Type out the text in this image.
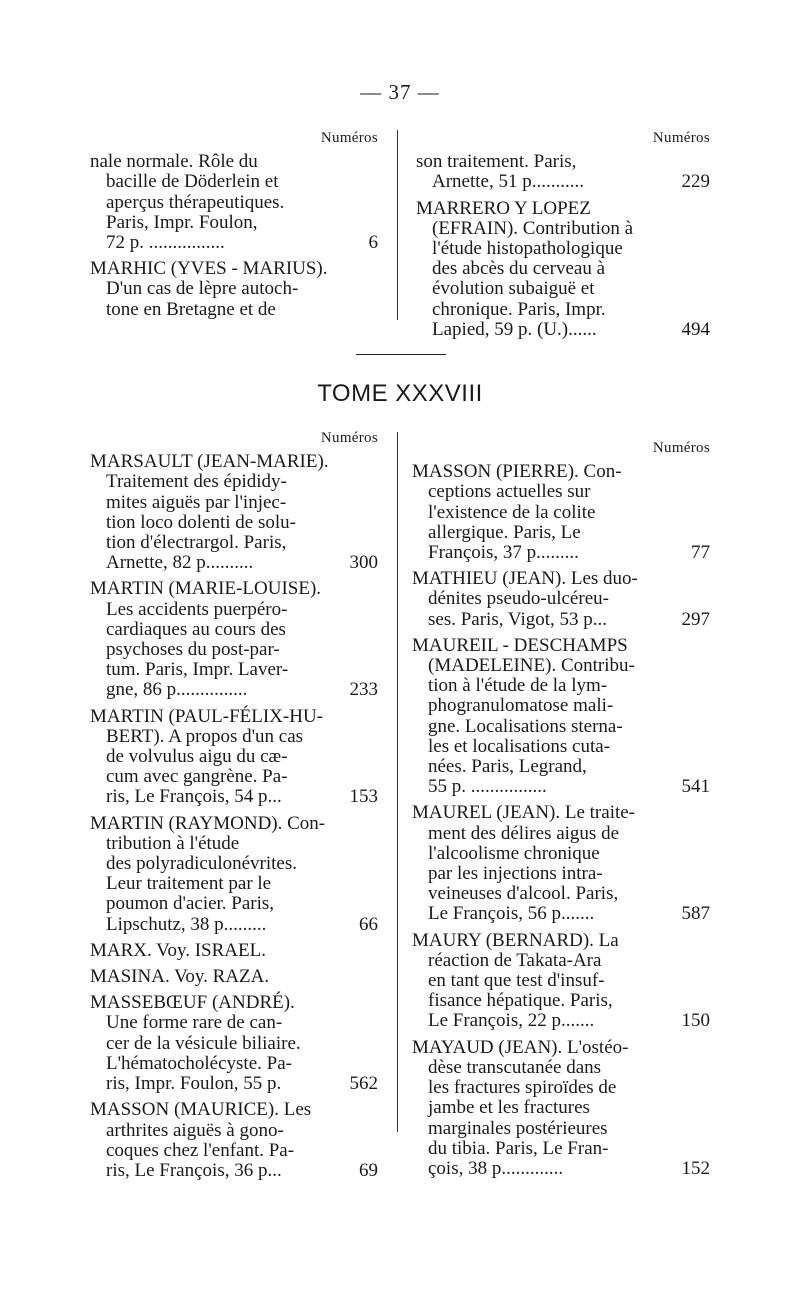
— 37 —
Numéros
nale normale. Rôle du
bacille de Döderlein et
aperçus thérapeutiques.
Paris, Impr. Foulon,
72 p. ................	6
MARHIC (YVES - MARIUS).
D'un cas de lèpre autoch-
tone en Bretagne et de
Numéros
son traitement. Paris,
Arnette, 51 p...........	229
MARRERO Y LOPEZ
(EFRAIN). Contribution à
l'étude histopathologique
des abcès du cerveau à
évolution subaiguë et
chronique. Paris, Impr.
Lapied, 59 p. (U.)......	494
TOME XXXVIII
Numéros
MARSAULT (JEAN-MARIE).
Traitement des épididy-
mites aiguës par l'injec-
tion loco dolenti de solu-
tion d'électrargol. Paris,
Arnette, 82 p..........	300
MARTIN (MARIE-LOUISE).
Les accidents puerpéro-
cardiaques au cours des
psychoses du post-par-
tum. Paris, Impr. Laver-
gne, 86 p...............	233
MARTIN (PAUL-FÉLIX-HU-
BERT). A propos d'un cas
de volvulus aigu du cæ-
cum avec gangrène. Pa-
ris, Le François, 54 p...	153
MARTIN (RAYMOND). Con-
tribution à l'étude
des polyradiculonévrites.
Leur traitement par le
poumon d'acier. Paris,
Lipschutz, 38 p.........	66
MARX. Voy. ISRAEL.
MASINA. Voy. RAZA.
MASSEBŒUF (ANDRÉ).
Une forme rare de can-
cer de la vésicule biliaire.
L'hématocholécyste. Pa-
ris, Impr. Foulon, 55 p.	562
MASSON (MAURICE). Les
arthrites aiguës à gono-
coques chez l'enfant. Pa-
ris, Le François, 36 p...	69
Numéros
MASSON (PIERRE). Con-
ceptions actuelles sur
l'existence de la colite
allergique. Paris, Le
François, 37 p.........	77
MATHIEU (JEAN). Les duo-
dénites pseudo-ulcéreu-
ses. Paris, Vigot, 53 p...	297
MAUREIL - DESCHAMPS
(MADELEINE). Contribu-
tion à l'étude de la lym-
phogranulomatose mali-
gne. Localisations sterna-
les et localisations cuta-
nées. Paris, Legrand,
55 p. ................	541
MAUREL (JEAN). Le traite-
ment des délires aigus de
l'alcoolisme chronique
par les injections intra-
veineuses d'alcool. Paris,
Le François, 56 p.......	587
MAURY (BERNARD). La
réaction de Takata-Ara
en tant que test d'insuf-
fisance hépatique. Paris,
Le François, 22 p.......	150
MAYAUD (JEAN). L'ostéo-
dèse transcutanée dans
les fractures spiroïdes de
jambe et les fractures
marginales postérieures
du tibia. Paris, Le Fran-
çois, 38 p.............	152
